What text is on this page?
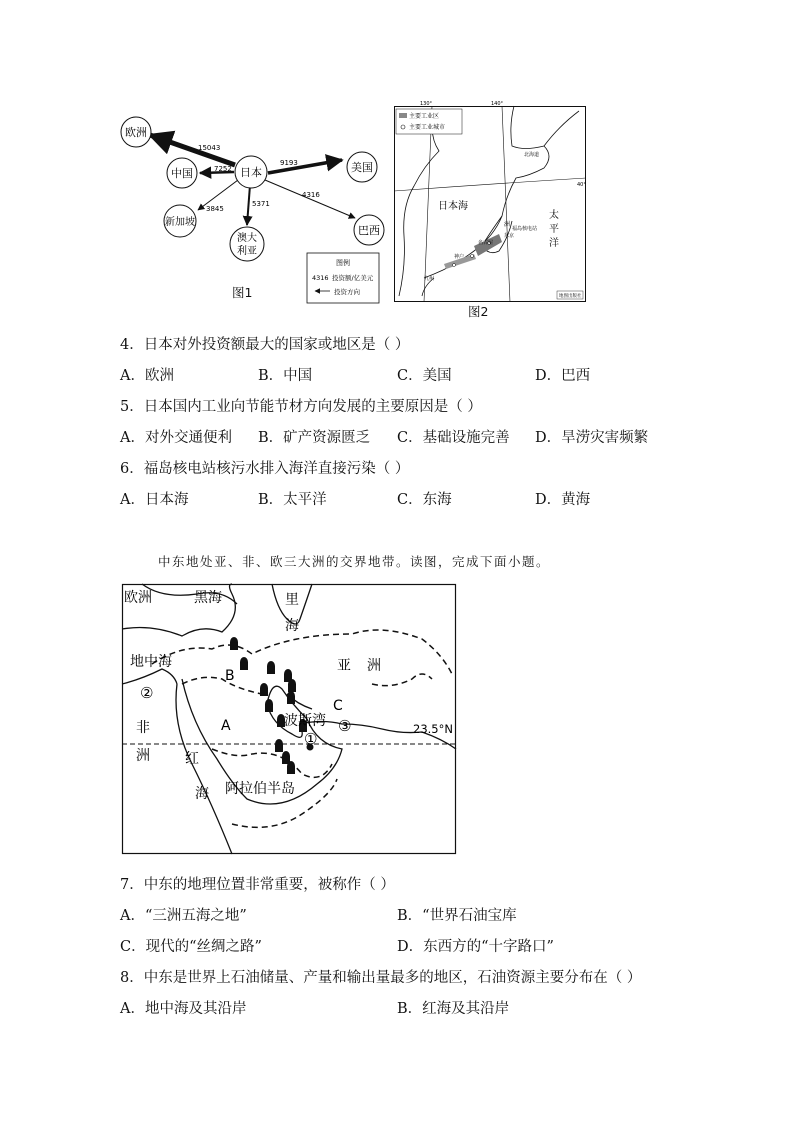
欧洲
日本
中国	美国
新加坡
澳大
利亚
巴西
15043
9193
7252
3845
5371
4316
图例
4316 投资额/亿美元
投资方向
图1
130°	140°
40°
主要工业区
主要工业城市
日本海
太
平
洋
北海道
福岛核电站
洲
东京
名古屋
神户
九州
地图出版社
图2
4．日本对外投资额最大的国家或地区是（ ）
A．欧洲	B．中国	C．美国	D．巴西
5．日本国内工业向节能节材方向发展的主要原因是（ ）
A．对外交通便利 B．矿产资源匮乏 C．基础设施完善 D．旱涝灾害频繁
6．福岛核电站核污水排入海洋直接污染（ ）
A．日本海	B．太平洋	C．东海	D．黄海
中东地处亚、非、欧三大洲的交界地带。读图，完成下面小题。
欧洲	黑海	里
海
地中海	亚 洲
②
B
C
波斯湾 ③
A
非
①
23.5°N
洲	红
海 阿拉伯半岛
7．中东的地理位置非常重要，被称作（ ）
A．“三洲五海之地”	B．“世界石油宝库
C．现代的“丝绸之路”	D．东西方的“十字路口”
8．中东是世界上石油储量、产量和输出量最多的地区，石油资源主要分布在（ ）
A．地中海及其沿岸	B．红海及其沿岸
